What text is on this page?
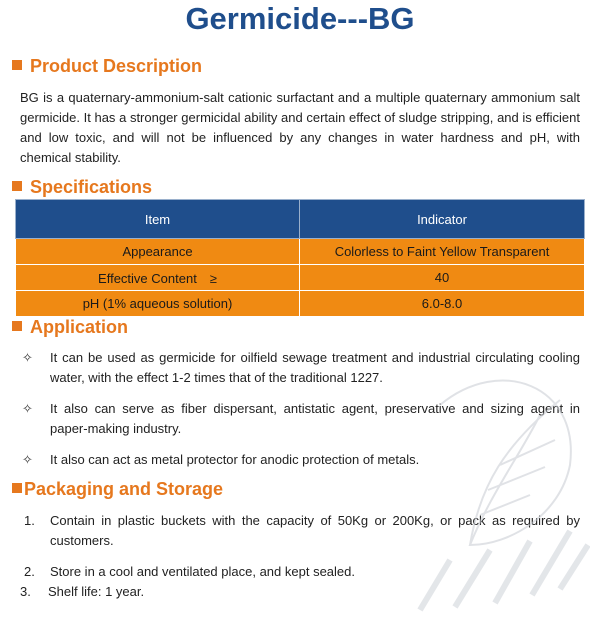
Germicide---BG
Product Description
BG is a quaternary-ammonium-salt cationic surfactant and a multiple quaternary ammonium salt germicide. It has a stronger germicidal ability and certain effect of sludge stripping, and is efficient and low toxic, and will not be influenced by any changes in water hardness and pH, with chemical stability.
Specifications
Item	Indicator
Appearance	Colorless to Faint Yellow Transparent
Effective Content　≥	40
pH (1% aqueous solution)	6.0-8.0
Application
✧ It can be used as germicide for oilfield sewage treatment and industrial circulating cooling water, with the effect 1-2 times that of the traditional 1227.
✧ It also can serve as fiber dispersant, antistatic agent, preservative and sizing agent in paper-making industry.
✧ It also can act as metal protector for anodic protection of metals.
Packaging and Storage
1. Contain in plastic buckets with the capacity of 50Kg or 200Kg, or pack as required by customers.
2. Store in a cool and ventilated place, and kept sealed.
3. Shelf life: 1 year.
